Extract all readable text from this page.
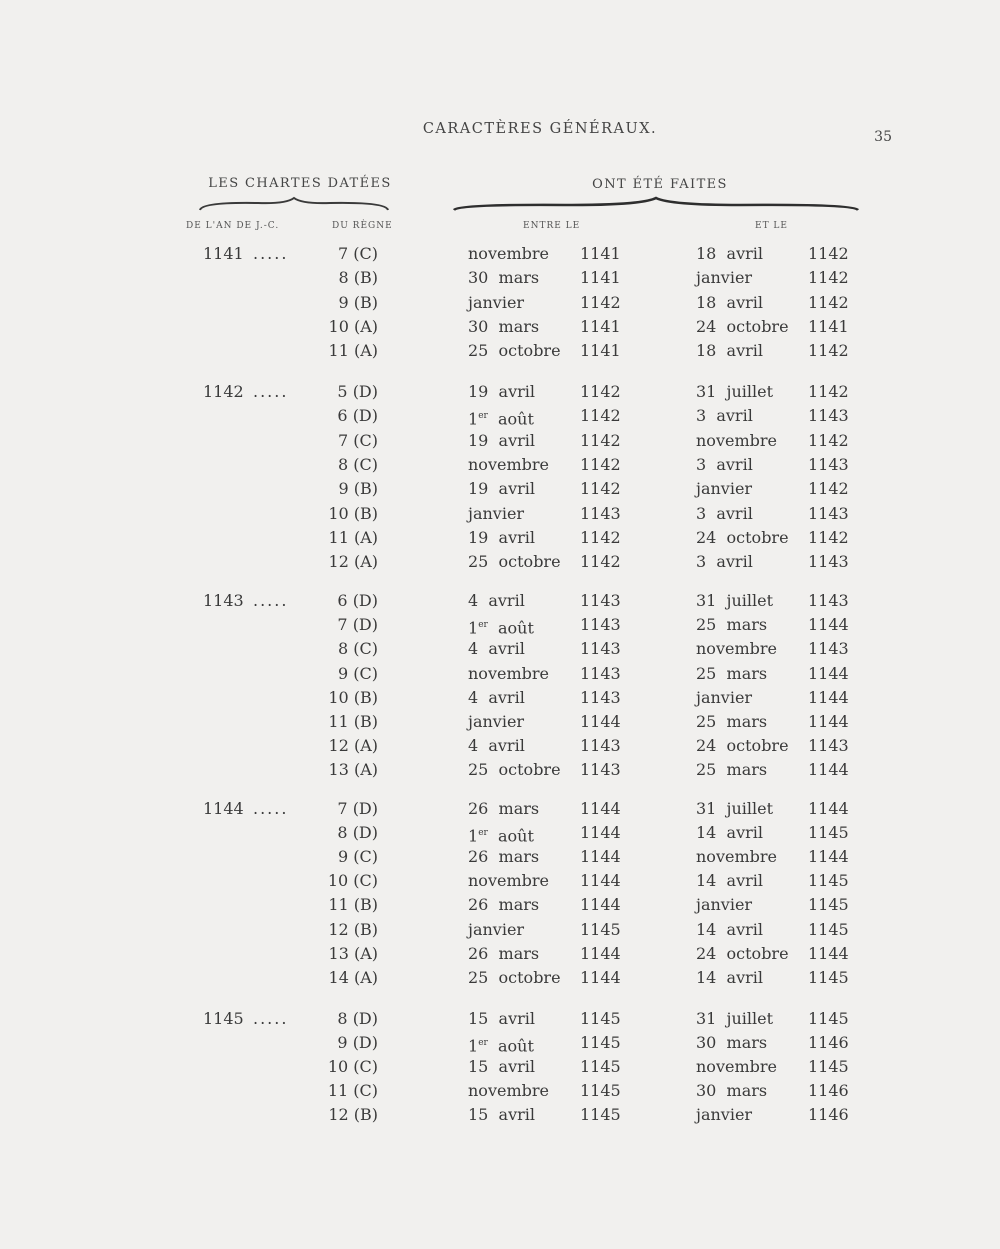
CARACTÈRES GÉNÉRAUX.	35
LES CHARTES DATÉES	ONT ÉTÉ FAITES
DE L'AN DE J.-C.	DU RÈGNE	ENTRE LE	ET LE
1141 .....	7 (C)	novembre 1141	18  avril	1142
8 (B)	30  mars	1141	janvier	1142
9 (B)	janvier	1142	18  avril	1142
10 (A)	30  mars	1141	24  octobre 1141
11 (A)	25  octobre 1141	18  avril	1142
1142 .....	5 (D)	19  avril	1142	31  juillet 1142
6 (D)	1er  août	1142	3  avril	1143
7 (C)	19  avril	1142	novembre 1142
8 (C)	novembre 1142	3  avril	1143
9 (B)	19  avril	1142	janvier	1142
10 (B)	janvier	1143	3  avril	1143
11 (A)	19  avril	1142	24  octobre 1142
12 (A)	25  octobre 1142	3  avril	1143
1143 .....	6 (D)	4  avril	1143	31  juillet 1143
7 (D)	1er  août	1143	25  mars	1144
8 (C)	4  avril	1143	novembre 1143
9 (C)	novembre 1143	25  mars	1144
10 (B)	4  avril	1143	janvier	1144
11 (B)	janvier	1144	25  mars	1144
12 (A)	4  avril	1143	24  octobre 1143
13 (A)	25  octobre 1143	25  mars	1144
1144 .....	7 (D)	26  mars	1144	31  juillet 1144
8 (D)	1er  août	1144	14  avril	1145
9 (C)	26  mars	1144	novembre 1144
10 (C)	novembre 1144	14  avril	1145
11 (B)	26  mars	1144	janvier	1145
12 (B)	janvier	1145	14  avril	1145
13 (A)	26  mars	1144	24  octobre 1144
14 (A)	25  octobre 1144	14  avril	1145
1145 .....	8 (D)	15  avril	1145	31  juillet 1145
9 (D)	1er  août	1145	30  mars	1146
10 (C)	15  avril	1145	novembre 1145
11 (C)	novembre 1145	30  mars	1146
12 (B)	15  avril	1145	janvier	1146
